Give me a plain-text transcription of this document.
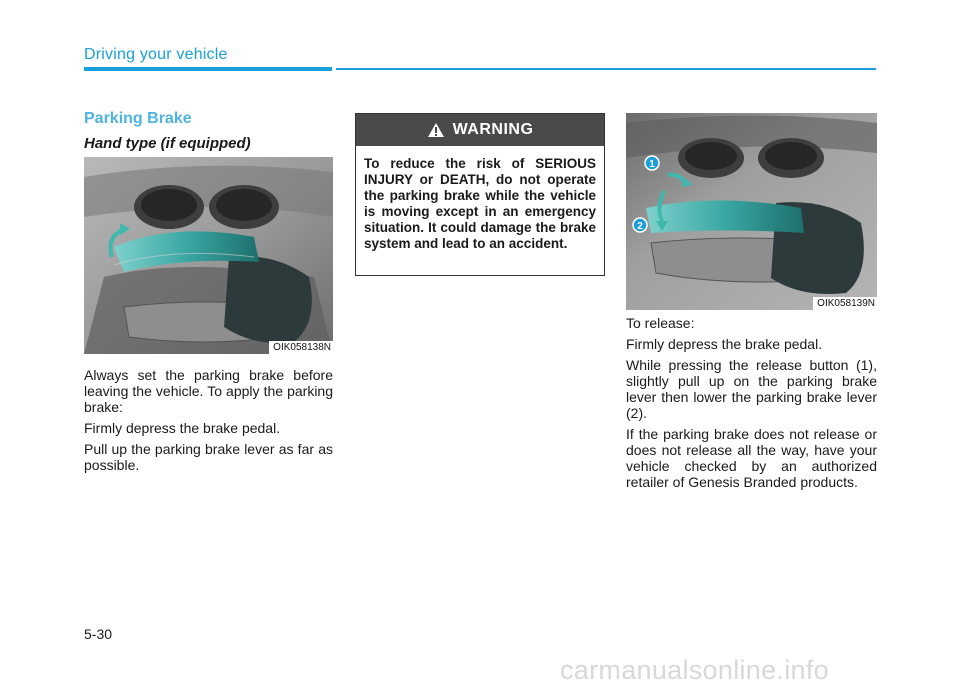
Driving your vehicle
Parking Brake
Hand type (if equipped)
OIK058138N

Always set the parking brake before leaving the vehicle. To apply the parking brake:

Firmly depress the brake pedal.

Pull up the parking brake lever as far as possible.

WARNING
To reduce the risk of SERIOUS INJURY or DEATH, do not operate the parking brake while the vehicle is moving except in an emergency situation. It could damage the brake system and lead to an accident.
1
2
OIK058139N

To release:

Firmly depress the brake pedal.

While pressing the release button (1), slightly pull up on the parking brake lever then lower the parking brake lever (2).

If the parking brake does not release or does not release all the way, have your vehicle checked by an authorized retailer of Genesis Branded products.

5-30
carmanualsonline.info
